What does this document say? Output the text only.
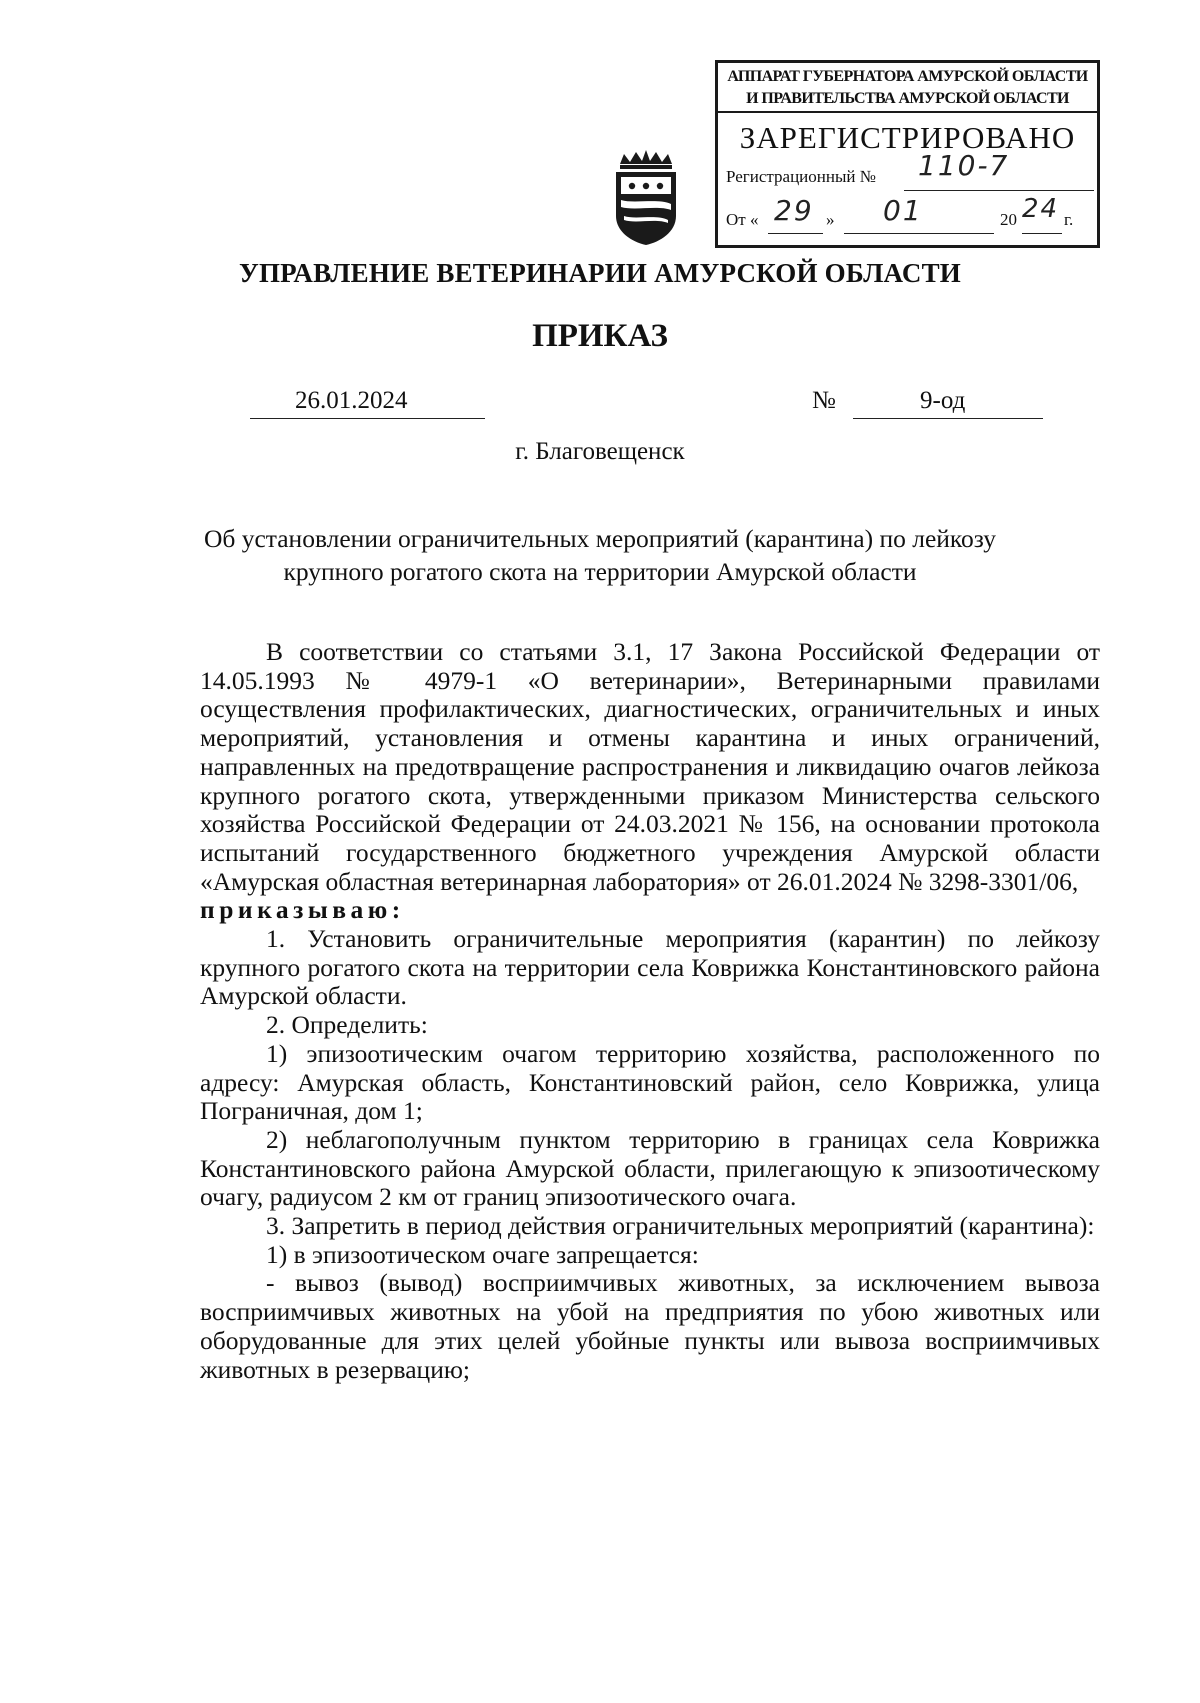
АППАРАТ ГУБЕРНАТОРА АМУРСКОЙ ОБЛАСТИ
И ПРАВИТЕЛЬСТВА АМУРСКОЙ ОБЛАСТИ
ЗАРЕГИСТРИРОВАНО
Регистрационный № 110-7
От « 29 » 01	20 24 г.
УПРАВЛЕНИЕ ВЕТЕРИНАРИИ АМУРСКОЙ ОБЛАСТИ
ПРИКАЗ
26.01.2024	№	9-од
г. Благовещенск
Об установлении ограничительных мероприятий (карантина) по лейкозу
крупного рогатого скота на территории Амурской области

В соответствии со статьями 3.1, 17 Закона Российской Федерации от 14.05.1993 № 4979-1 «О ветеринарии», Ветеринарными правилами осуществления профилактических, диагностических, ограничительных и иных мероприятий, установления и отмены карантина и иных ограничений, направленных на предотвращение распространения и ликвидацию очагов лейкоза крупного рогатого скота, утвержденными приказом Министерства сельского хозяйства Российской Федерации от 24.03.2021 № 156, на основании протокола испытаний государственного бюджетного учреждения Амурской области «Амурская областная ветеринарная лаборатория» от 26.01.2024 № 3298-3301/06,

приказываю:

1. Установить ограничительные мероприятия (карантин) по лейкозу крупного рогатого скота на территории села Коврижка Константиновского района Амурской области.

2. Определить:

1) эпизоотическим очагом территорию хозяйства, расположенного по адресу: Амурская область, Константиновский район, село Коврижка, улица Пограничная, дом 1;

2) неблагополучным пунктом территорию в границах села Коврижка Константиновского района Амурской области, прилегающую к эпизоотическому очагу, радиусом 2 км от границ эпизоотического очага.

3. Запретить в период действия ограничительных мероприятий (карантина):

1) в эпизоотическом очаге запрещается:

- вывоз (вывод) восприимчивых животных, за исключением вывоза восприимчивых животных на убой на предприятия по убою животных или оборудованные для этих целей убойные пункты или вывоза восприимчивых животных в резервацию;
